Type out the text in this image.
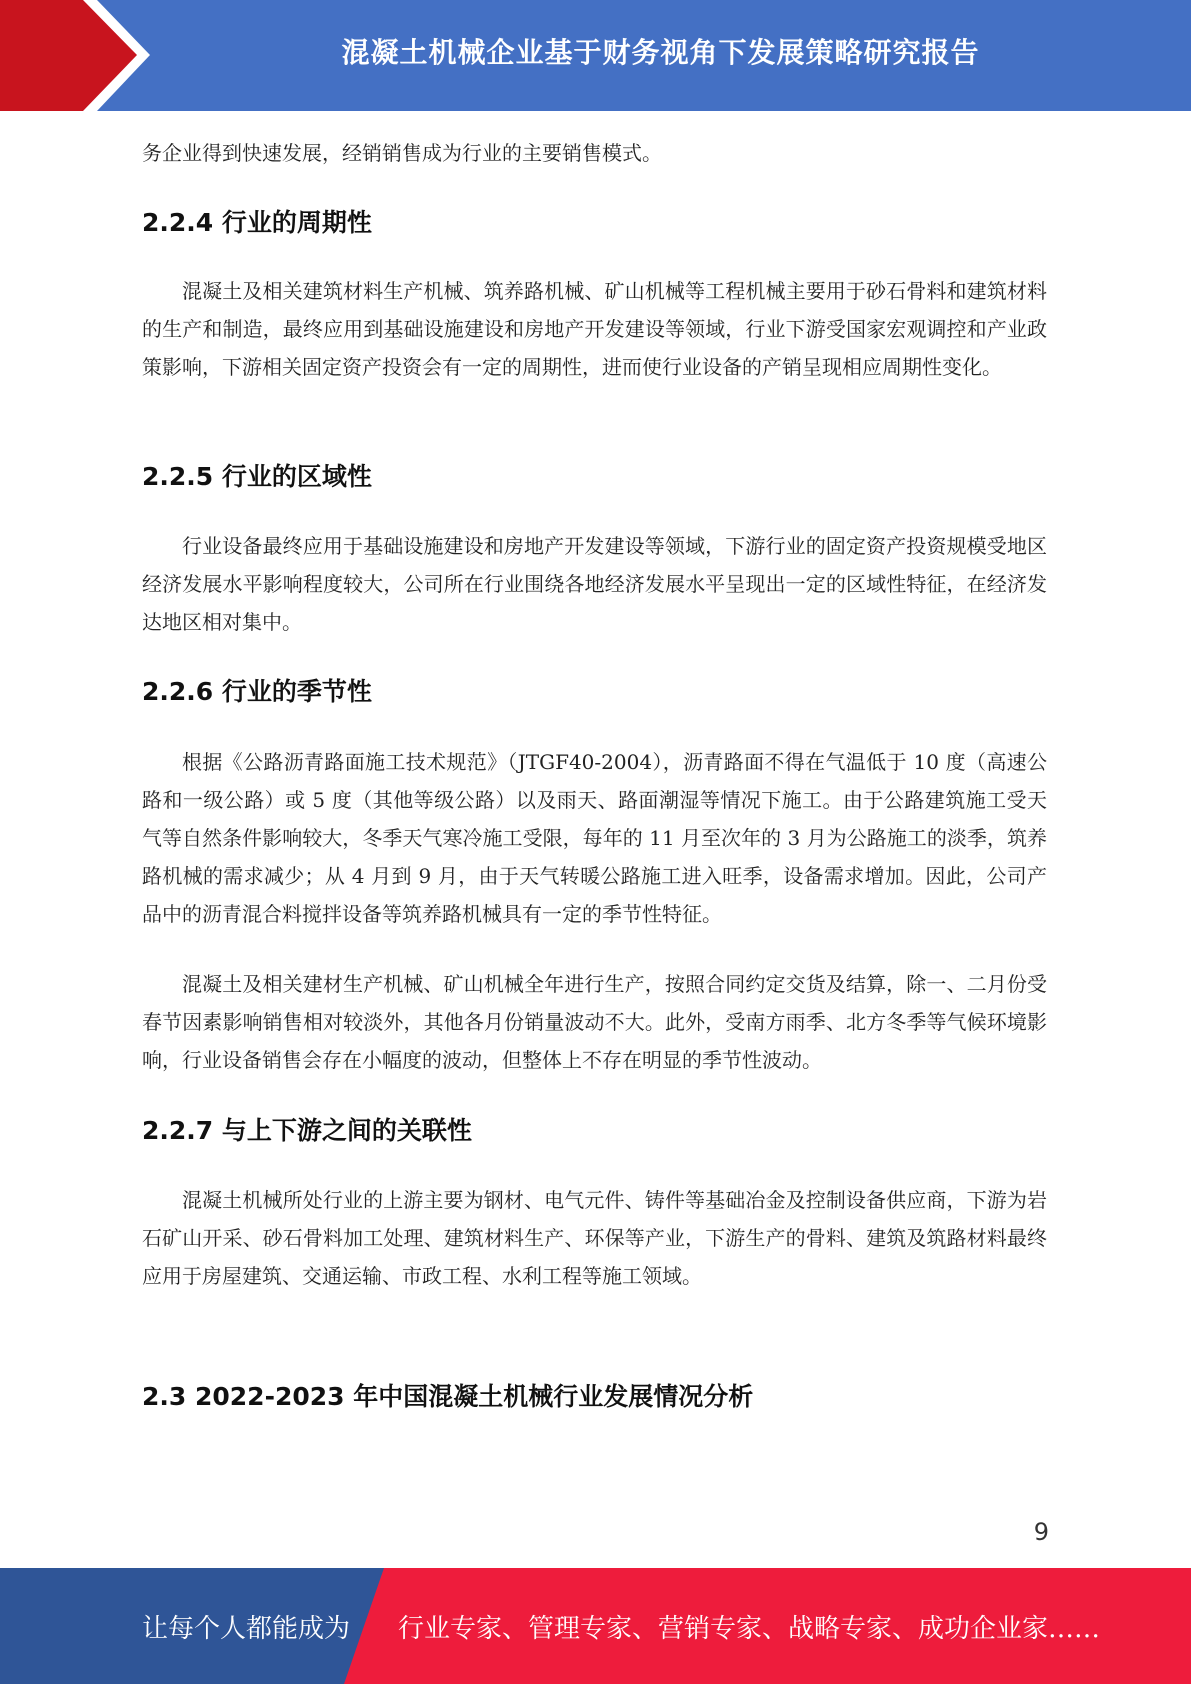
混凝土机械企业基于财务视角下发展策略研究报告

务企业得到快速发展，经销销售成为行业的主要销售模式。

2.2.4 行业的周期性

混凝土及相关建筑材料生产机械、筑养路机械、矿山机械等工程机械主要用于砂石骨料和建筑材料的生产和制造，最终应用到基础设施建设和房地产开发建设等领域，行业下游受国家宏观调控和产业政策影响，下游相关固定资产投资会有一定的周期性，进而使行业设备的产销呈现相应周期性变化。

2.2.5 行业的区域性

行业设备最终应用于基础设施建设和房地产开发建设等领域，下游行业的固定资产投资规模受地区经济发展水平影响程度较大，公司所在行业围绕各地经济发展水平呈现出一定的区域性特征，在经济发达地区相对集中。

2.2.6 行业的季节性

根据《公路沥青路面施工技术规范》（JTGF40-2004），沥青路面不得在气温低于 10 度（高速公路和一级公路）或 5 度（其他等级公路）以及雨天、路面潮湿等情况下施工。由于公路建筑施工受天气等自然条件影响较大，冬季天气寒冷施工受限，每年的 11 月至次年的 3 月为公路施工的淡季，筑养路机械的需求减少；从 4 月到 9 月，由于天气转暖公路施工进入旺季，设备需求增加。因此，公司产品中的沥青混合料搅拌设备等筑养路机械具有一定的季节性特征。

混凝土及相关建材生产机械、矿山机械全年进行生产，按照合同约定交货及结算，除一、二月份受春节因素影响销售相对较淡外，其他各月份销量波动不大。此外，受南方雨季、北方冬季等气候环境影响，行业设备销售会存在小幅度的波动，但整体上不存在明显的季节性波动。

2.2.7 与上下游之间的关联性

混凝土机械所处行业的上游主要为钢材、电气元件、铸件等基础冶金及控制设备供应商，下游为岩石矿山开采、砂石骨料加工处理、建筑材料生产、环保等产业，下游生产的骨料、建筑及筑路材料最终应用于房屋建筑、交通运输、市政工程、水利工程等施工领域。

2.3 2022-2023 年中国混凝土机械行业发展情况分析
9
让每个人都能成为 行业专家、管理专家、营销专家、战略专家、成功企业家……
